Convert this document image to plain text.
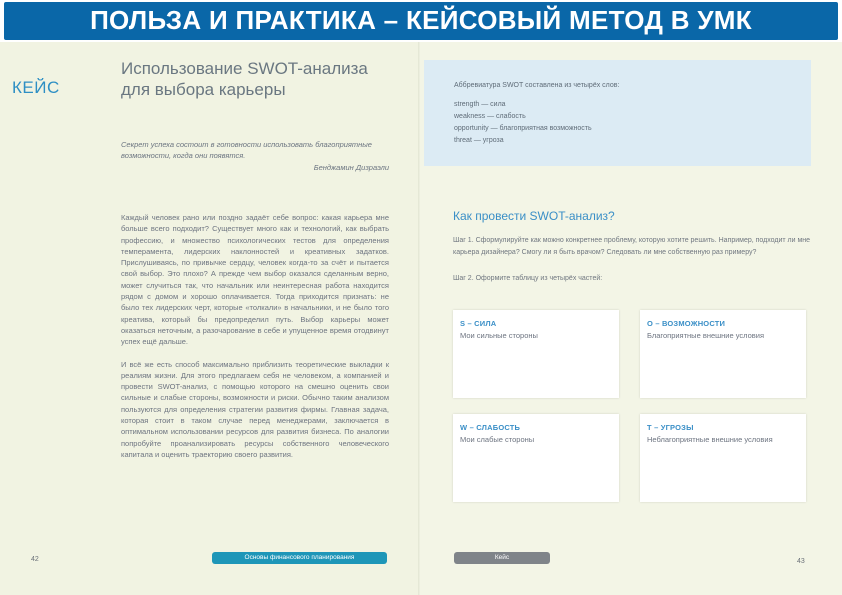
ПОЛЬЗА И ПРАКТИКА – КЕЙСОВЫЙ МЕТОД В УМК
КЕЙС
Использование SWOT-анализа
для выбора карьеры
Секрет успеха состоит в готовности использовать благоприятные возможности, когда они появятся.
Бенджамин Дизраэли

Каждый человек рано или поздно задаёт себе вопрос: какая карьера мне больше всего подходит? Существует много как и технологий, как выбрать профессию, и множество психологических тестов для определения темперамента, лидерских наклонностей и креативных задатков. Прислушиваясь, по привычке сердцу, человек когда-то за счёт и пытается свой выбор. Это плохо? А прежде чем выбор оказался сделанным верно, может случиться так, что начальник или неинтересная работа находится рядом с домом и хорошо оплачивается. Тогда приходится признать: не было тех лидерских черт, которые «толкали» в начальники, и не было того креатива, который бы предопределил путь. Выбор карьеры может оказаться неточным, а разочарование в себе и упущенное время отодвинут успех ещё дальше.

И всё же есть способ максимально приблизить теоретические выкладки к реалиям жизни. Для этого предлагаем себя не человеком, а компанией и провести SWOT-анализ, с помощью которого на смешно оценить свои сильные и слабые стороны, возможности и риски. Обычно таким анализом пользуются для определения стратегии развития фирмы. Главная задача, которая стоит в таком случае перед менеджерами, заключается в оптимальном использовании ресурсов для развития бизнеса. По аналогии попробуйте проанализировать ресурсы собственного человеческого капитала и оценить траекторию своего развития.

42	Основы финансового планирования
Аббревиатура SWOT составлена из четырёх слов:
strength — сила
weakness — слабость
opportunity — благоприятная возможность
threat — угроза
Как провести SWOT-анализ?

Шаг 1. Сформулируйте как можно конкретнее проблему, которую хотите решить. Например, подходит ли мне карьера дизайнера? Смогу ли я быть врачом? Следовать ли мне собственную раз примеру?

Шаг 2. Оформите таблицу из четырёх частей:

S – СИЛА
Мои сильные стороны
O – ВОЗМОЖНОСТИ
Благоприятные внешние условия
W – СЛАБОСТЬ
Мои слабые стороны
T – УГРОЗЫ
Неблагоприятные внешние условия
Кейс
43
